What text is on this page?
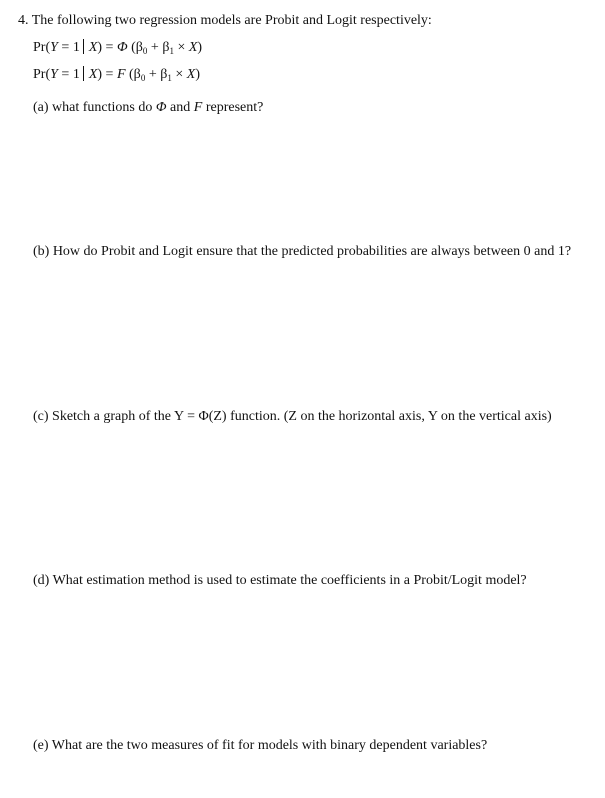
4. The following two regression models are Probit and Logit respectively:
Pr(Y = 1 X) = Φ $(\beta_0 + \beta_1 \times X)$
Pr(Y = 1 X) = F $(\beta_0 + \beta_1 \times X)$
(a) what functions do Φ and F represent?
(b) How do Probit and Logit ensure that the predicted probabilities are always between 0 and 1?
(c) Sketch a graph of the Y = Φ(Z) function. (Z on the horizontal axis, Y on the vertical axis)
(d) What estimation method is used to estimate the coefficients in a Probit/Logit model?
(e) What are the two measures of fit for models with binary dependent variables?
